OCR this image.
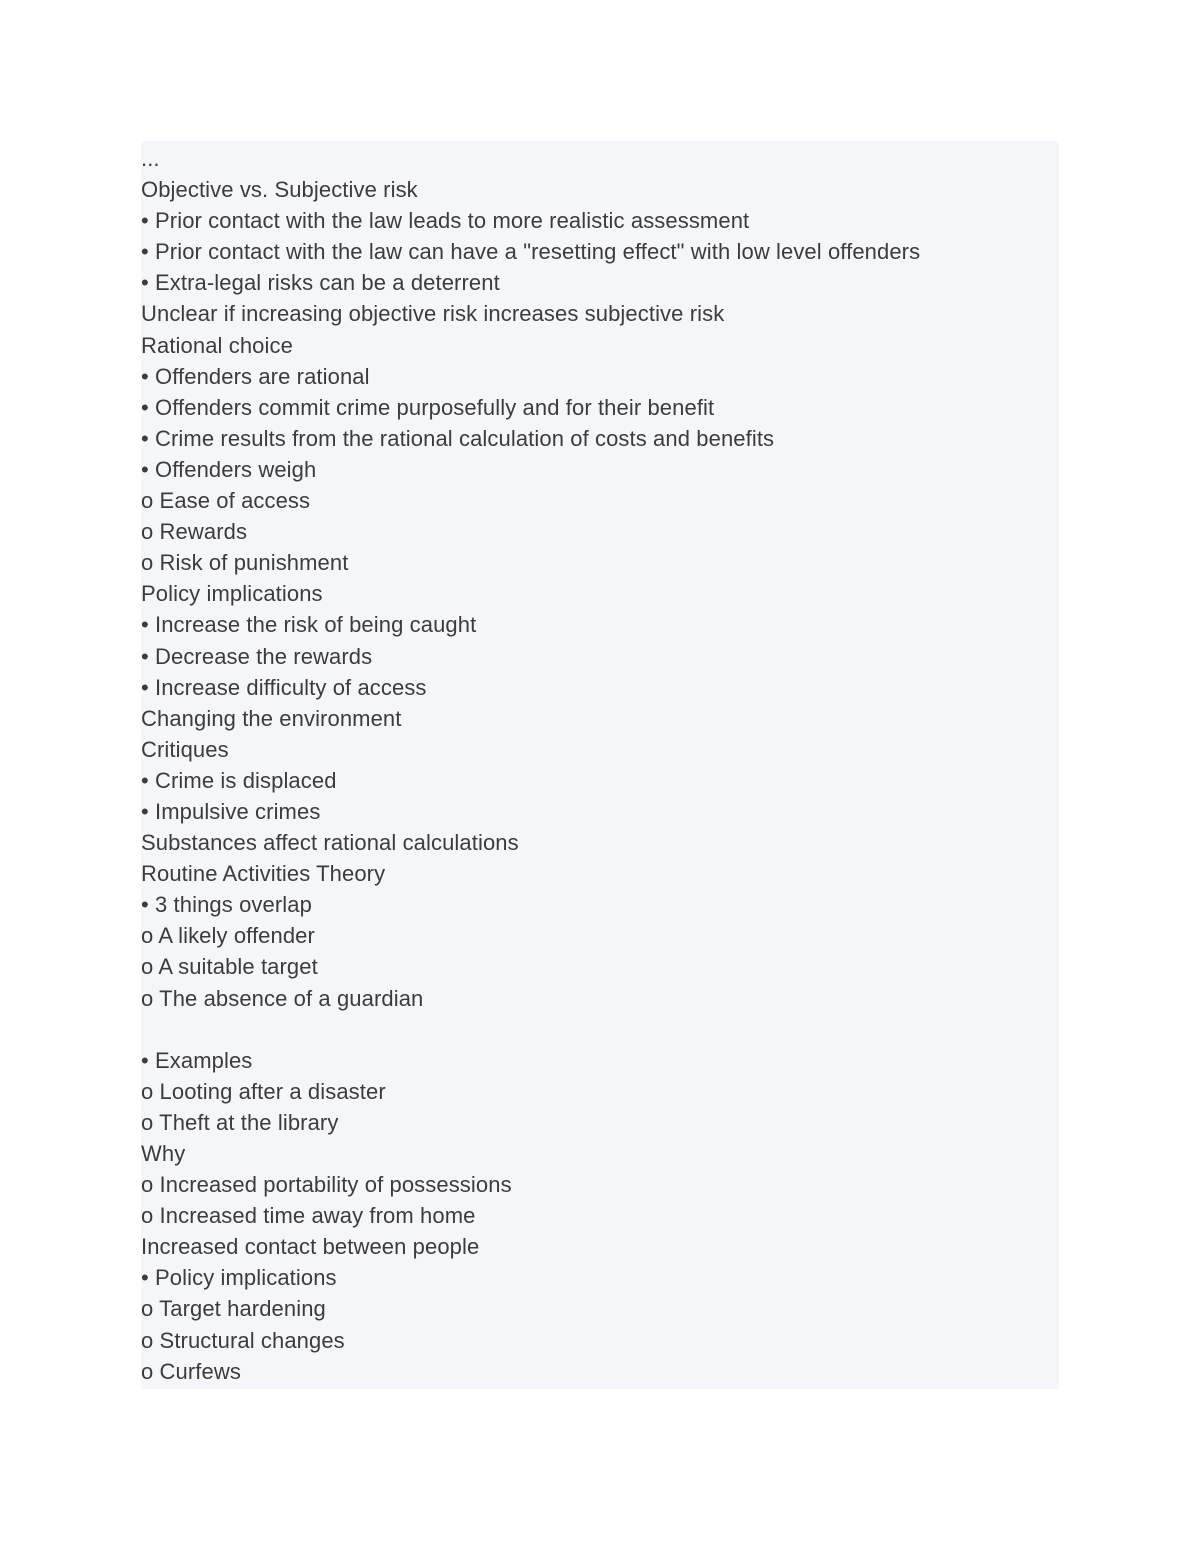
...
Objective vs. Subjective risk
• Prior contact with the law leads to more realistic assessment
• Prior contact with the law can have a "resetting effect" with low level offenders
• Extra-legal risks can be a deterrent
Unclear if increasing objective risk increases subjective risk
Rational choice
• Offenders are rational
• Offenders commit crime purposefully and for their benefit
• Crime results from the rational calculation of costs and benefits
• Offenders weigh
o Ease of access
o Rewards
o Risk of punishment
Policy implications
• Increase the risk of being caught
• Decrease the rewards
• Increase difficulty of access
Changing the environment
Critiques
• Crime is displaced
• Impulsive crimes
Substances affect rational calculations
Routine Activities Theory
• 3 things overlap
o A likely offender
o A suitable target
o The absence of a guardian
• Examples
o Looting after a disaster
o Theft at the library
Why
o Increased portability of possessions
o Increased time away from home
Increased contact between people
• Policy implications
o Target hardening
o Structural changes
o Curfews
